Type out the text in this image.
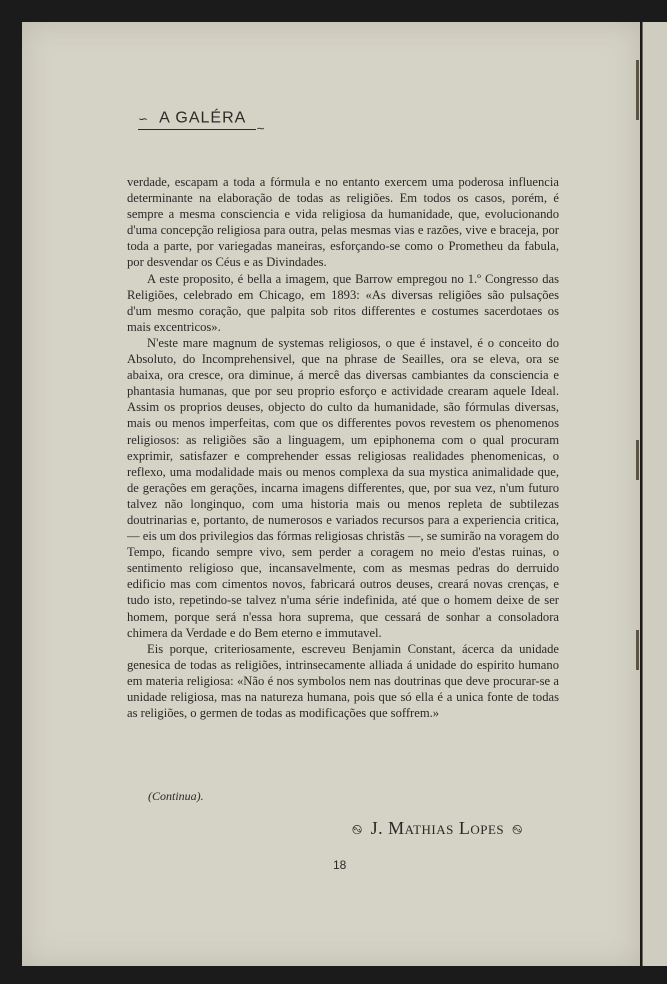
∽ A GALÉRA
∼

verdade, escapam a toda a fórmula e no entanto exercem uma poderosa influencia determinante na elaboração de todas as religiões. Em todos os casos, porém, é sempre a mesma consciencia e vida religiosa da humanidade, que, evolucionando d'uma concepção religiosa para outra, pelas mesmas vias e razões, vive e braceja, por toda a parte, por variegadas maneiras, esforçando-se como o Prometheu da fabula, por desvendar os Céus e as Divindades.

A este proposito, é bella a imagem, que Barrow empregou no 1.º Congresso das Religiões, celebrado em Chicago, em 1893: «As diversas religiões são pulsações d'um mesmo coração, que palpita sob ritos differentes e costumes sacerdotaes os mais excentricos».

N'este mare magnum de systemas religiosos, o que é instavel, é o conceito do Absoluto, do Incomprehensivel, que na phrase de Seailles, ora se eleva, ora se abaixa, ora cresce, ora diminue, á mercê das diversas cambiantes da consciencia e phantasia humanas, que por seu proprio esforço e actividade crearam aquele Ideal. Assim os proprios deuses, objecto do culto da humanidade, são fórmulas diversas, mais ou menos imperfeitas, com que os differentes povos revestem os phenomenos religiosos: as religiões são a linguagem, um epiphonema com o qual procuram exprimir, satisfazer e comprehender essas religiosas realidades phenomenicas, o reflexo, uma modalidade mais ou menos complexa da sua mystica animalidade que, de gerações em gerações, incarna imagens differentes, que, por sua vez, n'um futuro talvez não longinquo, com uma historia mais ou menos repleta de subtilezas doutrinarias e, portanto, de numerosos e variados recursos para a experiencia critica, — eis um dos privilegios das fórmas religiosas christãs —, se sumirão na voragem do Tempo, ficando sempre vivo, sem perder a coragem no meio d'estas ruinas, o sentimento religioso que, incansavelmente, com as mesmas pedras do derruido edificio mas com cimentos novos, fabricará outros deuses, creará novas crenças, e tudo isto, repetindo-se talvez n'uma série indefinida, até que o homem deixe de ser homem, porque será n'essa hora suprema, que cessará de sonhar a consoladora chimera da Verdade e do Bem eterno e immutavel.

Eis porque, criteriosamente, escreveu Benjamin Constant, ácerca da unidade genesica de todas as religiões, intrinsecamente alliada á unidade do espirito humano em materia religiosa: «Não é nos symbolos nem nas doutrinas que deve procurar-se a unidade religiosa, mas na natureza humana, pois que só ella é a unica fonte de todas as religiões, o germen de todas as modificações que soffrem.»

(Continua).
࿊ J. Mathias Lopes ࿊
18
